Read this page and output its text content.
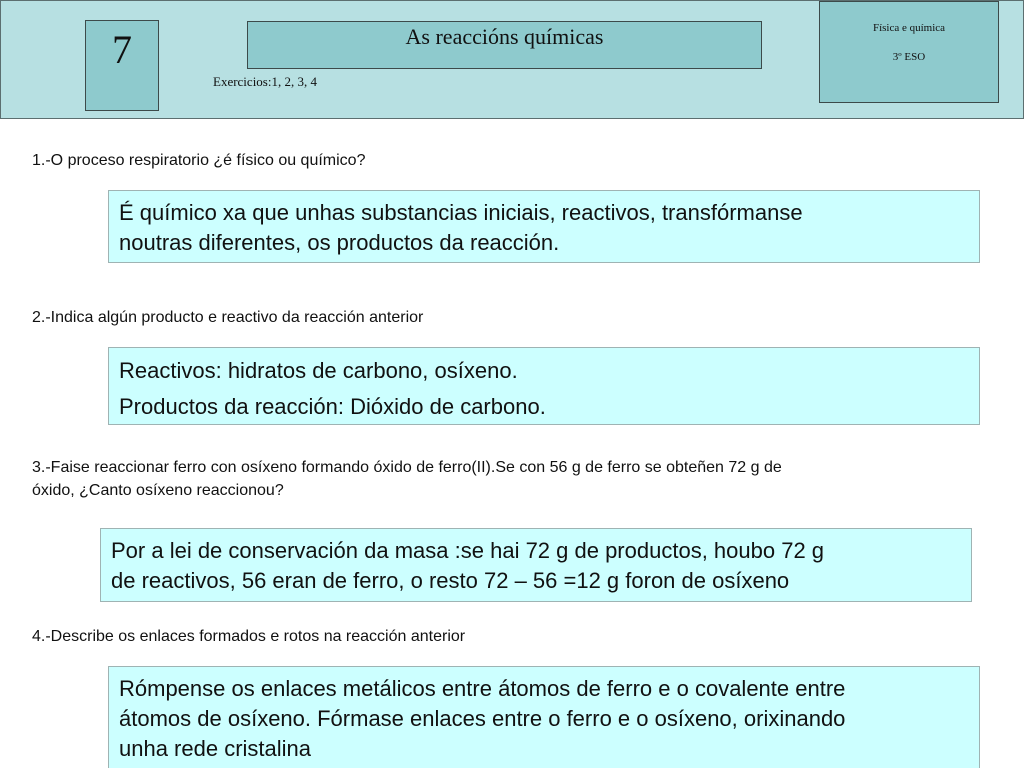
7	As reaccións químicas
Exercicios:1, 2, 3, 4
Física e química
3º ESO
1.-O proceso respiratorio ¿é físico ou químico?
É químico xa que unhas substancias iniciais, reactivos, transfórmanse
noutras diferentes, os productos da reacción.
2.-Indica algún producto e reactivo da reacción anterior
Reactivos: hidratos de carbono, osíxeno.
Productos da reacción: Dióxido de carbono.
3.-Faise reaccionar ferro con osíxeno formando óxido de ferro(II).Se con 56 g de ferro se obteñen 72 g de
óxido, ¿Canto osíxeno reaccionou?
Por a lei de conservación da masa :se hai 72 g de productos, houbo 72 g
de reactivos, 56 eran de ferro, o resto 72 – 56 =12 g foron de osíxeno
4.-Describe os enlaces formados e rotos na reacción anterior
Rómpense os enlaces metálicos entre átomos de ferro e o covalente entre
átomos de osíxeno. Fórmase enlaces entre o ferro e o osíxeno, orixinando
unha rede cristalina
